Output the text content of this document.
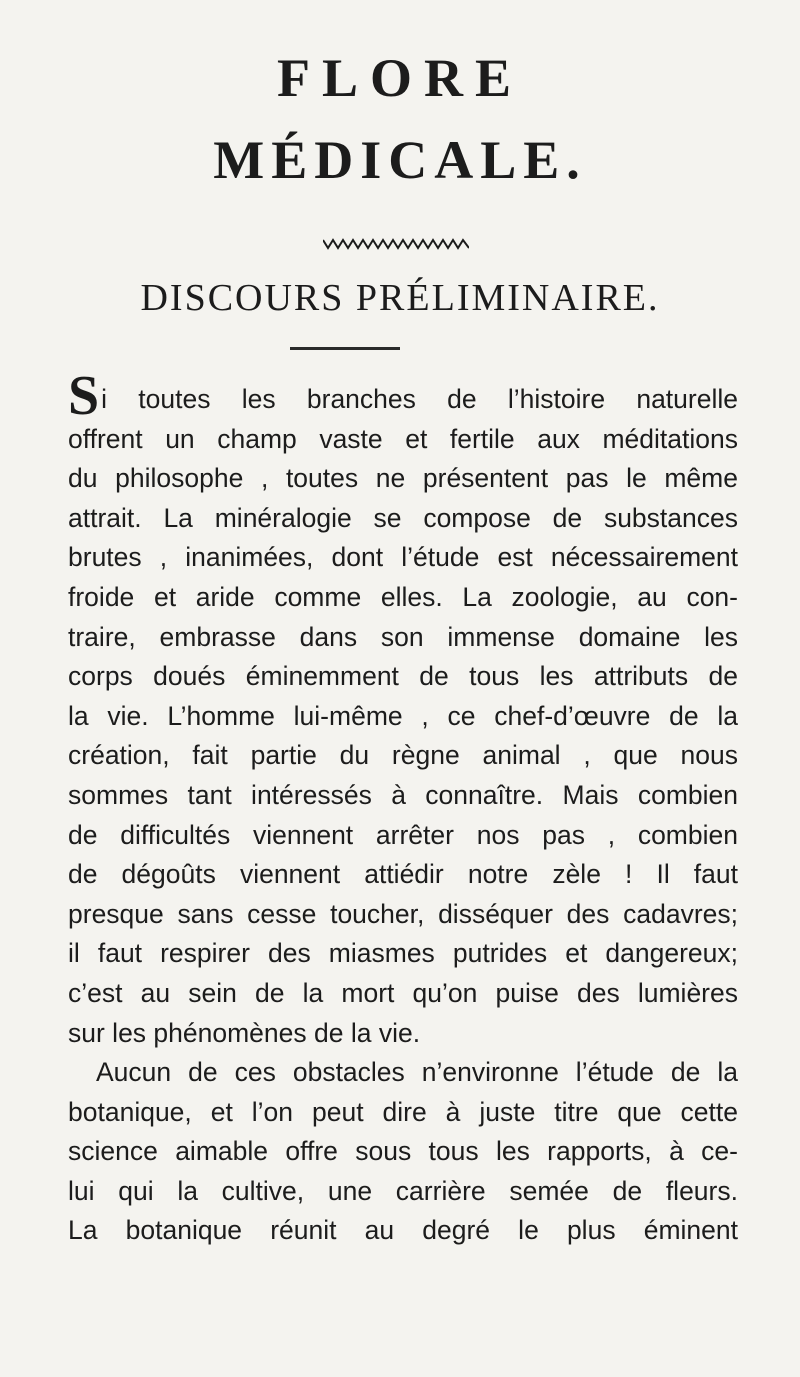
FLORE
MÉDICALE.
DISCOURS PRÉLIMINAIRE.
Si toutes les branches de l’histoire naturelle
offrent un champ vaste et fertile aux méditations
du philosophe , toutes ne présentent pas le même
attrait. La minéralogie se compose de substances
brutes , inanimées, dont l’étude est nécessairement
froide et aride comme elles. La zoologie, au con-
traire, embrasse dans son immense domaine les
corps doués éminemment de tous les attributs de
la vie. L’homme lui-même , ce chef-d’œuvre de la
création, fait partie du règne animal , que nous
sommes tant intéressés à connaître. Mais combien
de difficultés viennent arrêter nos pas , combien
de dégoûts viennent attiédir notre zèle ! Il faut
presque sans cesse toucher, disséquer des cadavres;
il faut respirer des miasmes putrides et dangereux;
c’est au sein de la mort qu’on puise des lumières
sur les phénomènes de la vie.
Aucun de ces obstacles n’environne l’étude de la
botanique, et l’on peut dire à juste titre que cette
science aimable offre sous tous les rapports, à ce-
lui qui la cultive, une carrière semée de fleurs.
La botanique réunit au degré le plus éminent
